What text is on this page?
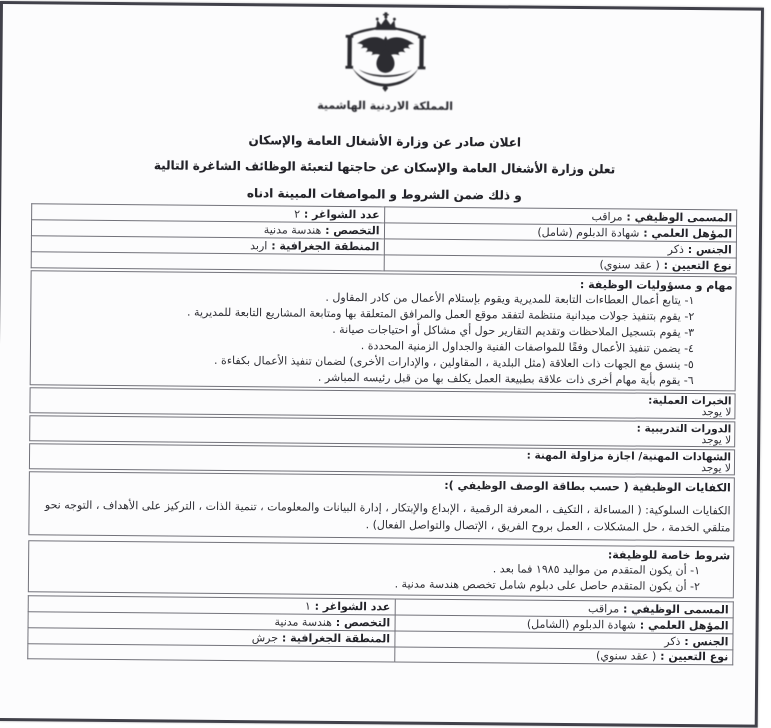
المملكة الاردنية الهاشمية
اعلان صادر عن وزارة الأشغال العامة والإسكان
تعلن وزارة الأشغال العامة والإسكان عن حاجتها لتعبئة الوظائف الشاغرة التالية
و ذلك ضمن الشروط و المواصفات المبينة ادناه
المسمى الوظيفي : مراقب	عدد الشواغر : ٢
المؤهل العلمي : شهادة الدبلوم (شامل)	التخصص : هندسة مدنية
الجنس : ذكر	المنطقة الجغرافية : اربد
نوع التعيين : ( عقد سنوي)	
مهام و مسؤوليات الوظيفة :
١- يتابع أعمال العطاءات التابعة للمديرية ويقوم بإستلام الأعمال من كادر المقاول .
٢- يقوم بتنفيذ جولات ميدانية منتظمة لتفقد موقع العمل والمرافق المتعلقة بها ومتابعة المشاريع التابعة للمديرية .
٣- يقوم بتسجيل الملاحظات وتقديم التقارير حول أي مشاكل أو احتياجات صيانة .
٤- يضمن تنفيذ الأعمال وفقًا للمواصفات الفنية والجداول الزمنية المحددة .
٥- ينسق مع الجهات ذات العلاقة (مثل البلدية ، المقاولين ، والإدارات الأخرى) لضمان تنفيذ الأعمال بكفاءة .
٦- يقوم بأية مهام أخرى ذات علاقة بطبيعة العمل يكلف بها من قبل رئيسه المباشر .
الخبرات العملية:
لا يوجد
الدورات التدريبية :
لا يوجد
الشهادات المهنية/ اجازة مزاولة المهنة :
لا يوجد
الكفايات الوظيفية ( حسب بطاقة الوصف الوظيفي ):
الكفايات السلوكية: ( المساءلة ، التكيف ، المعرفة الرقمية ، الإبداع والإبتكار ، إدارة البيانات والمعلومات ، تنمية الذات ، التركيز على الأهداف ، التوجه نحو متلقي الخدمة ، حل المشكلات ، العمل بروح الفريق ، الإتصال والتواصل الفعال) .
شروط خاصة للوظيفة:
١- أن يكون المتقدم من مواليد ١٩٨٥ فما بعد .
٢- أن يكون المتقدم حاصل على دبلوم شامل تخصص هندسة مدنية .
المسمى الوظيفي : مراقب	عدد الشواغر : ١
المؤهل العلمي : شهادة الدبلوم (الشامل)	التخصص : هندسة مدنية
الجنس : ذكر	المنطقة الجغرافية : جرش
نوع التعيين : ( عقد سنوي)	
